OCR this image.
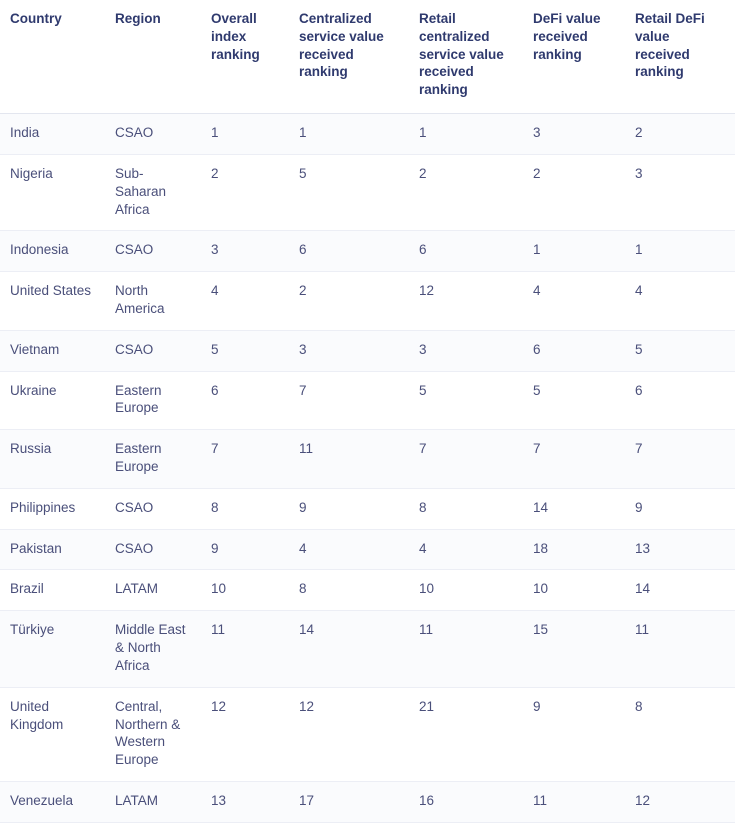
Country	Region	Overall index ranking	Centralized service value received ranking	Retail centralized service value received ranking	DeFi value received ranking	Retail DeFi value received ranking
India	CSAO	1	1	1	3	2
Nigeria	Sub-Saharan Africa	2	5	2	2	3
Indonesia	CSAO	3	6	6	1	1
United States	North America	4	2	12	4	4
Vietnam	CSAO	5	3	3	6	5
Ukraine	Eastern Europe	6	7	5	5	6
Russia	Eastern Europe	7	11	7	7	7
Philippines	CSAO	8	9	8	14	9
Pakistan	CSAO	9	4	4	18	13
Brazil	LATAM	10	8	10	10	14
Türkiye	Middle East & North Africa	11	14	11	15	11
United Kingdom	Central, Northern & Western Europe	12	12	21	9	8
Venezuela	LATAM	13	17	16	11	12
